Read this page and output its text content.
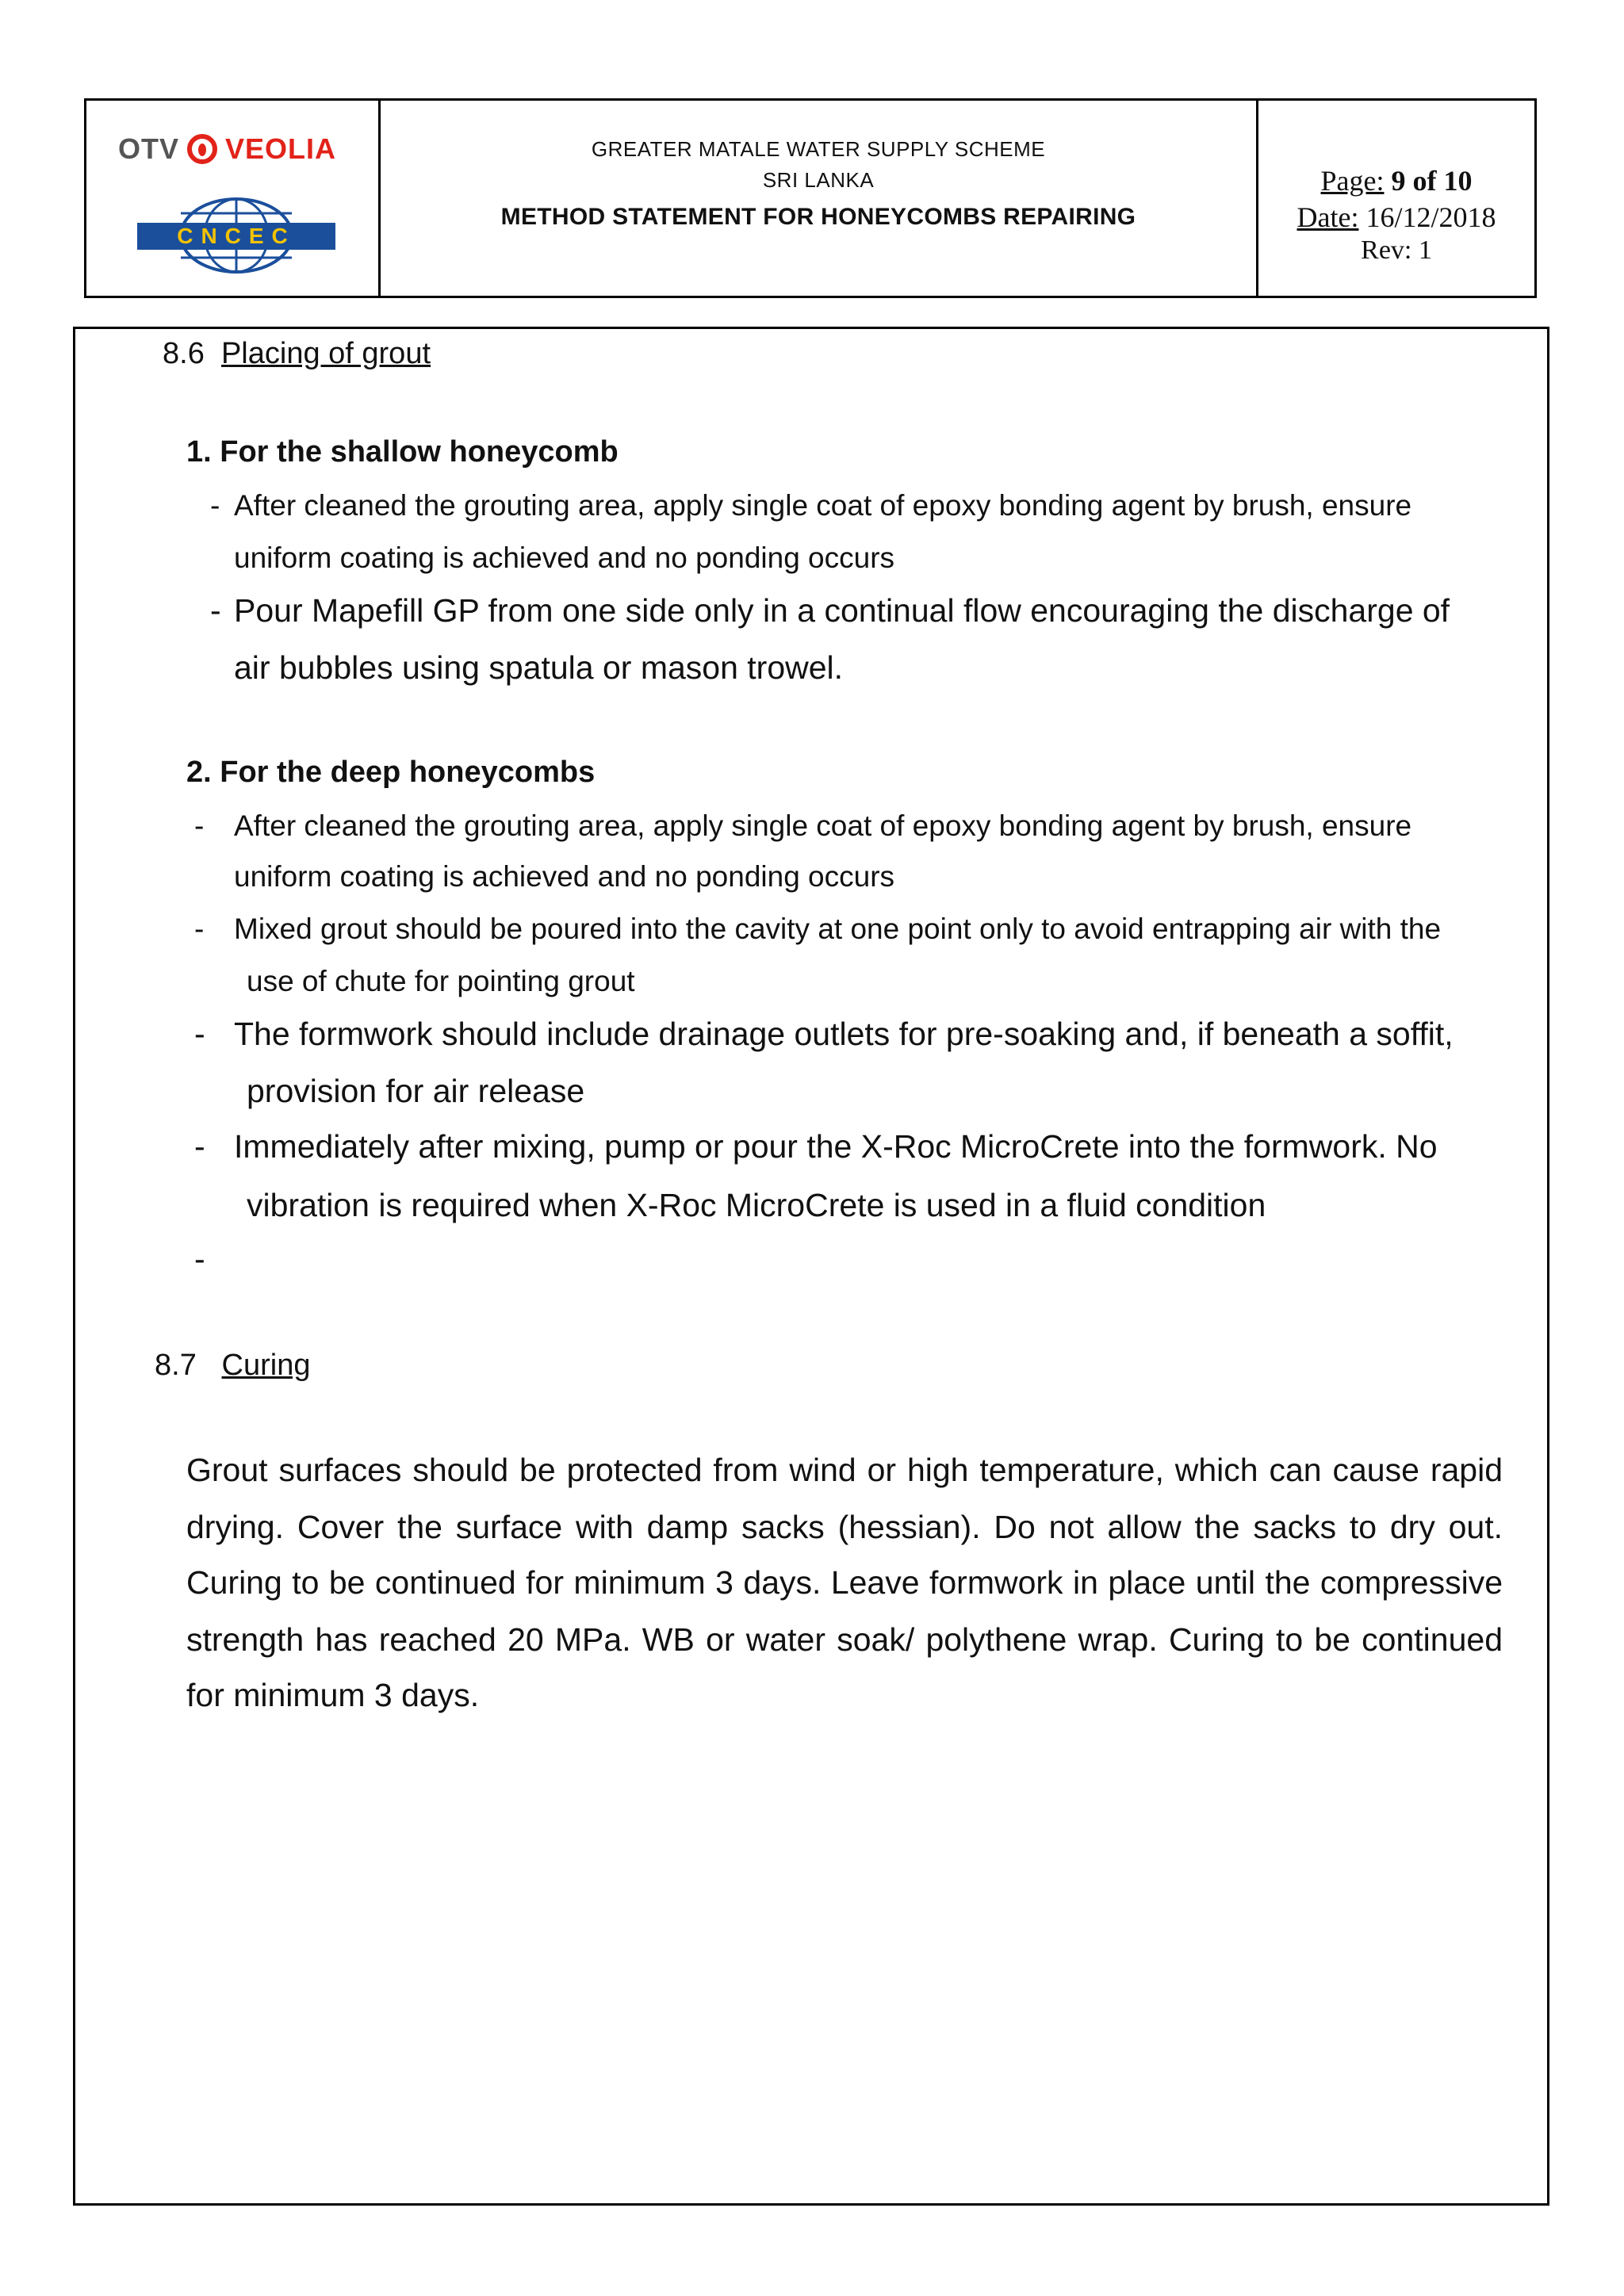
OTV VEOLIA
CNCEC
GREATER MATALE WATER SUPPLY SCHEME
SRI LANKA
METHOD STATEMENT FOR HONEYCOMBS REPAIRING
Page: 9 of 10
Date: 16/12/2018
Rev: 1
8.6 Placing of grout
1. For the shallow honeycomb
- After cleaned the grouting area, apply single coat of epoxy bonding agent by brush, ensure
uniform coating is achieved and no ponding occurs
- Pour Mapefill GP from one side only in a continual flow encouraging the discharge of
air bubbles using spatula or mason trowel.
2. For the deep honeycombs
- After cleaned the grouting area, apply single coat of epoxy bonding agent by brush, ensure
uniform coating is achieved and no ponding occurs
- Mixed grout should be poured into the cavity at one point only to avoid entrapping air with the
use of chute for pointing grout
- The formwork should include drainage outlets for pre-soaking and, if beneath a soffit,
provision for air release
- Immediately after mixing, pump or pour the X-Roc MicroCrete into the formwork. No
vibration is required when X-Roc MicroCrete is used in a fluid condition
-
8.7 Curing
Grout surfaces should be protected from wind or high temperature, which can cause rapid
drying. Cover the surface with damp sacks (hessian). Do not allow the sacks to dry out.
Curing to be continued for minimum 3 days. Leave formwork in place until the compressive
strength has reached 20 MPa. WB or water soak/ polythene wrap. Curing to be continued
for minimum 3 days.
